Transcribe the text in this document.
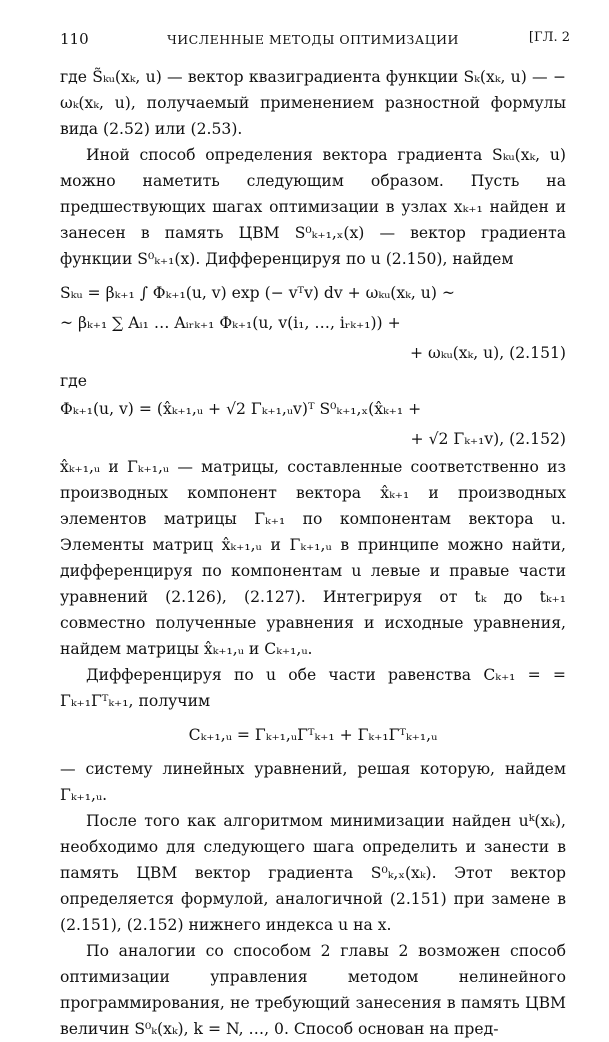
110	ЧИСЛЕННЫЕ МЕТОДЫ ОПТИМИЗАЦИИ	[ГЛ. 2

где S̃ₖᵤ(xₖ, u) — вектор квазиградиента функции Sₖ(xₖ, u) — − ωₖ(xₖ, u), получаемый применением разностной формулы вида (2.52) или (2.53).

Иной способ определения вектора градиента Sₖᵤ(xₖ, u) можно наметить следующим образом. Пусть на предшествующих шагах оптимизации в узлах xₖ₊₁ найден и занесен в память ЦВМ S⁰ₖ₊₁,ₓ(x) — вектор градиента функции S⁰ₖ₊₁(x). Дифференцируя по u (2.150), найдем

Sₖᵤ = βₖ₊₁ ∫ Φₖ₊₁(u, v) exp (− vᵀv) dv + ωₖᵤ(xₖ, u) ~
~ βₖ₊₁ ∑ Aᵢ₁ … Aᵢᵣₖ₊₁ Φₖ₊₁(u, v(i₁, …, iᵣₖ₊₁)) +
+ ωₖᵤ(xₖ, u), (2.151)

где

Φₖ₊₁(u, v) = (x̂ₖ₊₁,ᵤ + √2 Γₖ₊₁,ᵤv)ᵀ S⁰ₖ₊₁,ₓ(x̂ₖ₊₁ +
+ √2 Γₖ₊₁v), (2.152)

x̂ₖ₊₁,ᵤ и Γₖ₊₁,ᵤ — матрицы, составленные соответственно из производных компонент вектора x̂ₖ₊₁ и производных элементов матрицы Γₖ₊₁ по компонентам вектора u. Элементы матриц x̂ₖ₊₁,ᵤ и Γₖ₊₁,ᵤ в принципе можно найти, дифференцируя по компонентам u левые и правые части уравнений (2.126), (2.127). Интегрируя от tₖ до tₖ₊₁ совместно полученные уравнения и исходные уравнения, найдем матрицы x̂ₖ₊₁,ᵤ и Cₖ₊₁,ᵤ.

Дифференцируя по u обе части равенства Cₖ₊₁ = = Γₖ₊₁Γᵀₖ₊₁, получим

Cₖ₊₁,ᵤ = Γₖ₊₁,ᵤΓᵀₖ₊₁ + Γₖ₊₁Γᵀₖ₊₁,ᵤ

— систему линейных уравнений, решая которую, найдем Γₖ₊₁,ᵤ.

После того как алгоритмом минимизации найден uᵏ(xₖ), необходимо для следующего шага определить и занести в память ЦВМ вектор градиента S⁰ₖ,ₓ(xₖ). Этот вектор определяется формулой, аналогичной (2.151) при замене в (2.151), (2.152) нижнего индекса u на x.

По аналогии со способом 2 главы 2 возможен способ оптимизации управления методом нелинейного программирования, не требующий занесения в память ЦВМ величин S⁰ₖ(xₖ), k = N, …, 0. Способ основан на пред-
